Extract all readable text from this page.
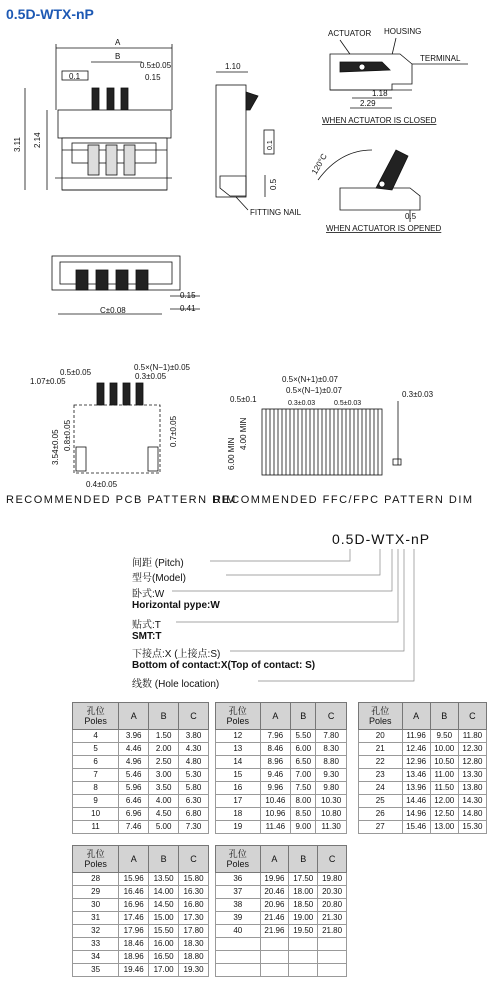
0.5D-WTX-nP
A
B
0.5±0.05
0.15
0.1
2.14
3.11
1.10
0.1
0.5
FITTING NAIL
ACTUATOR HOUSING
TERMINAL
1.18
2.29
WHEN ACTUATOR IS CLOSED
120°C
0.5
WHEN ACTUATOR IS OPENED
0.15
0.41
C±0.08
0.5×(N−1)±0.05
0.5±0.05	0.3±0.05
1.07±0.05
3.54±0.05 0.8±0.05	0.7±0.05
0.4±0.05
0.5×(N+1)±0.07
0.5×(N−1)±0.07
0.3±0.03	0.5±0.03
0.3±0.03
0.5±0.1
4.00 MIN
6.00 MIN
RECOMMENDED PCB PATTERN DIM
RECOMMENDED FFC/FPC PATTERN DIM
0.5D-WTX-nP
间距 (Pitch)
型号(Model)
卧式:W
Horizontal pype:W
贴式:T
SMT:T
下接点:X (上接点:S)
Bottom of contact:X(Top of contact: S)
线数 (Hole location)
孔位
Poles	A	B	C
4	3.96	1.50	3.80
5	4.46	2.00	4.30
6	4.96	2.50	4.80
7	5.46	3.00	5.30
8	5.96	3.50	5.80
9	6.46	4.00	6.30
10	6.96	4.50	6.80
11	7.46	5.00	7.30
孔位
Poles	A	B	C
12	7.96	5.50	7.80
13	8.46	6.00	8.30
14	8.96	6.50	8.80
15	9.46	7.00	9.30
16	9.96	7.50	9.80
17	10.46	8.00	10.30
18	10.96	8.50	10.80
19	11.46	9.00	11.30
孔位
Poles	A	B	C
20	11.96	9.50	11.80
21	12.46	10.00	12.30
22	12.96	10.50	12.80
23	13.46	11.00	13.30
24	13.96	11.50	13.80
25	14.46	12.00	14.30
26	14.96	12.50	14.80
27	15.46	13.00	15.30
孔位
Poles	A	B	C
28	15.96	13.50	15.80
29	16.46	14.00	16.30
30	16.96	14.50	16.80
31	17.46	15.00	17.30
32	17.96	15.50	17.80
33	18.46	16.00	18.30
34	18.96	16.50	18.80
35	19.46	17.00	19.30
孔位
Poles	A	B	C
36	19.96	17.50	19.80
37	20.46	18.00	20.30
38	20.96	18.50	20.80
39	21.46	19.00	21.30
40	21.96	19.50	21.80
